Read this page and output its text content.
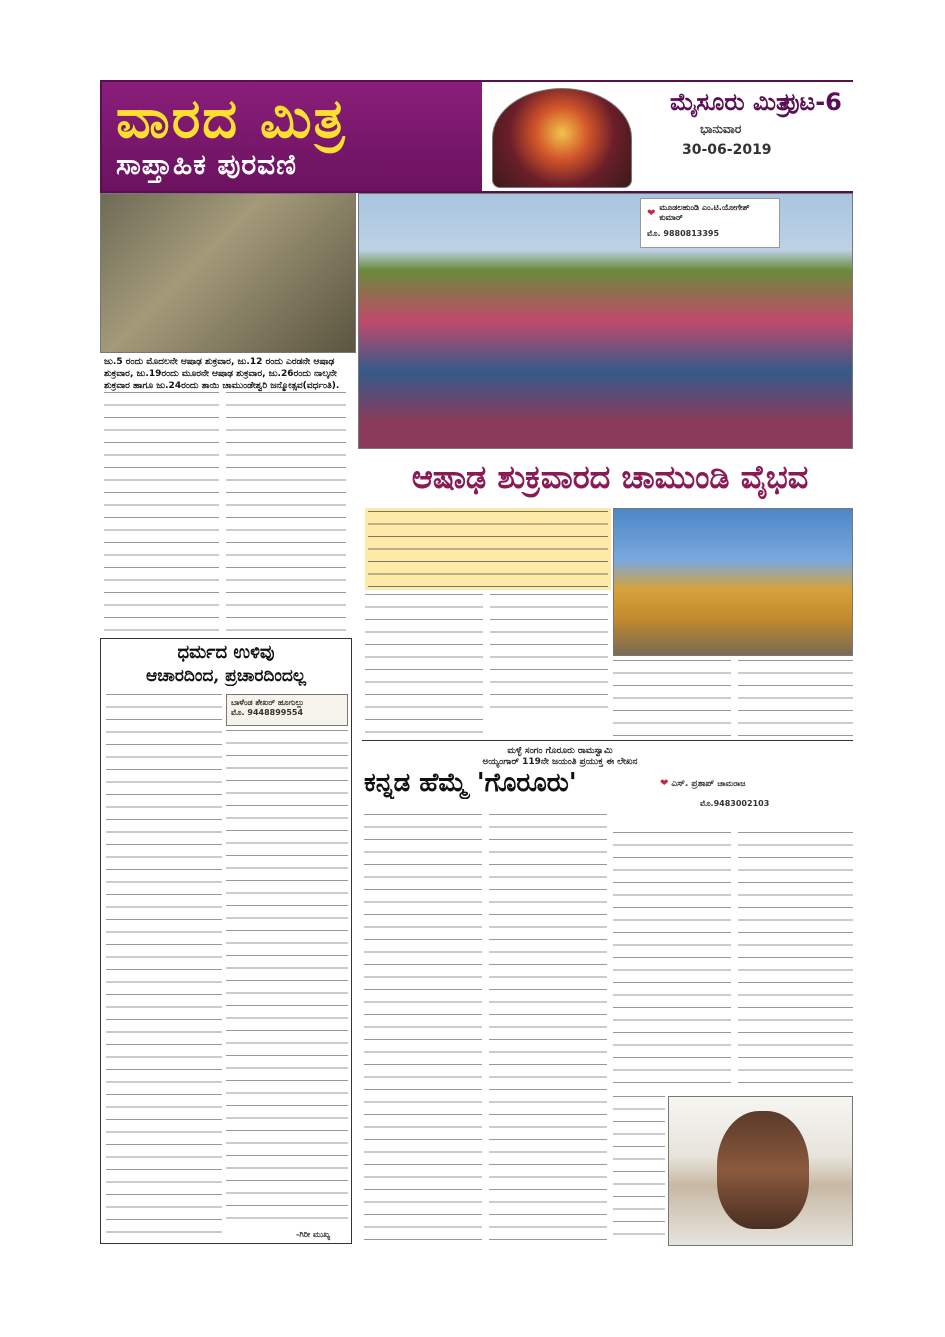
ವಾರದ ಮಿತ್ರ
ಸಾಪ್ತಾಹಿಕ ಪುರವಣಿ
ಮೈಸೂರು ಮಿತ್ರ
ಪುಟ-6
ಭಾನುವಾರ
30-06-2019
❤ ಮೂಡಲಹುಂಡಿ ಎಂ.ಟಿ.ಯೋಗೇಶ್ ಕುಮಾರ್
ಮೊ. 9880813395
ಜು.5 ರಂದು ಮೊದಲನೇ ಆಷಾಢ ಶುಕ್ರವಾರ, ಜು.12 ರಂದು ಎರಡನೇ ಆಷಾಢ ಶುಕ್ರವಾರ, ಜು.19ರಂದು ಮೂರನೇ ಆಷಾಢ ಶುಕ್ರವಾರ, ಜು.26ರಂದು ನಾಲ್ಕನೇ ಶುಕ್ರವಾರ ಹಾಗೂ ಜು.24ರಂದು ತಾಯಿ ಚಾಮುಂಡೇಶ್ವರಿ ಜನ್ಮೋತ್ಸವ(ವರ್ಧಂತಿ).
ಆಷಾಢ ಶುಕ್ರವಾರದ ಚಾಮುಂಡಿ ವೈಭವ
ಧರ್ಮದ ಉಳಿವು
ಆಚಾರದಿಂದ, ಪ್ರಚಾರದಿಂದಲ್ಲ
ಬಾಳೆಂಡ ಶೇಖರ್ ಹೂಗುಲ್ಲು
ಮೊ. 9448899554
-ಗಿರೀ ಮುಖ್ಯ
ಮಳ್ಳೆ ಸಂಗಂ ಗೊರೂರು ರಾಮಸ್ವಾಮಿ
ಅಯ್ಯಂಗಾರ್ 119ನೇ ಜಯಂತಿ ಪ್ರಯುಕ್ತ ಈ ಲೇಖನ
ಕನ್ನಡ ಹೆಮ್ಮೆ 'ಗೊರೂರು'	❤ ಎಸ್. ಪ್ರತಾಪ್ ಚಾಮರಾಜ
ಮೊ.9483002103
